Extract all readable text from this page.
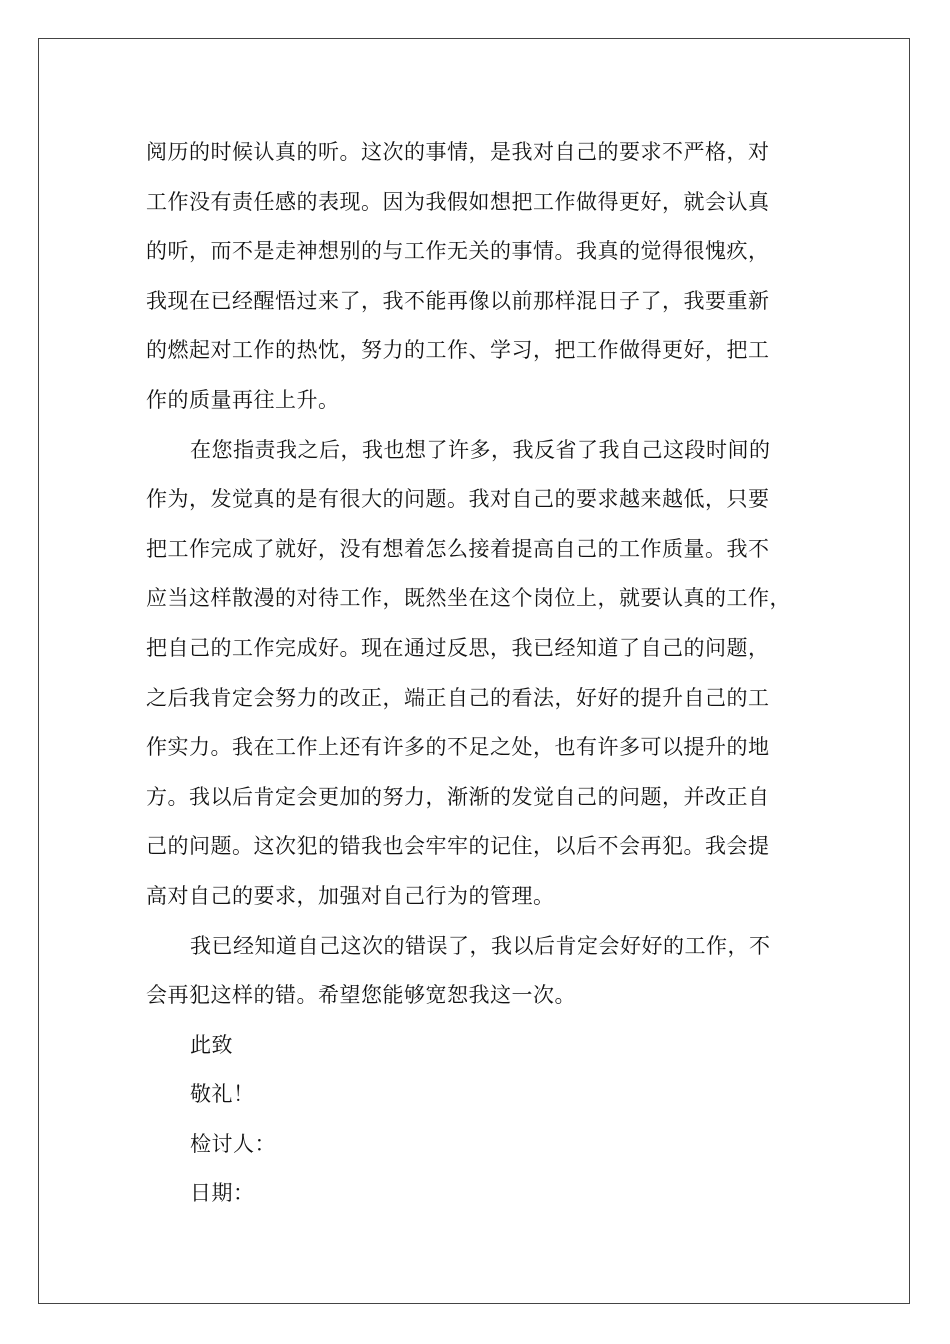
阅历的时候认真的听。这次的事情，是我对自己的要求不严格，对
工作没有责任感的表现。因为我假如想把工作做得更好，就会认真
的听，而不是走神想别的与工作无关的事情。我真的觉得很愧疚，
我现在已经醒悟过来了，我不能再像以前那样混日子了，我要重新
的燃起对工作的热忱，努力的工作、学习，把工作做得更好，把工
作的质量再往上升。
在您指责我之后，我也想了许多，我反省了我自己这段时间的
作为，发觉真的是有很大的问题。我对自己的要求越来越低，只要
把工作完成了就好，没有想着怎么接着提高自己的工作质量。我不
应当这样散漫的对待工作，既然坐在这个岗位上，就要认真的工作，
把自己的工作完成好。现在通过反思，我已经知道了自己的问题，
之后我肯定会努力的改正，端正自己的看法，好好的提升自己的工
作实力。我在工作上还有许多的不足之处，也有许多可以提升的地
方。我以后肯定会更加的努力，渐渐的发觉自己的问题，并改正自
己的问题。这次犯的错我也会牢牢的记住，以后不会再犯。我会提
高对自己的要求，加强对自己行为的管理。
我已经知道自己这次的错误了，我以后肯定会好好的工作，不
会再犯这样的错。希望您能够宽恕我这一次。
此致
敬礼！
检讨人：
日期：
